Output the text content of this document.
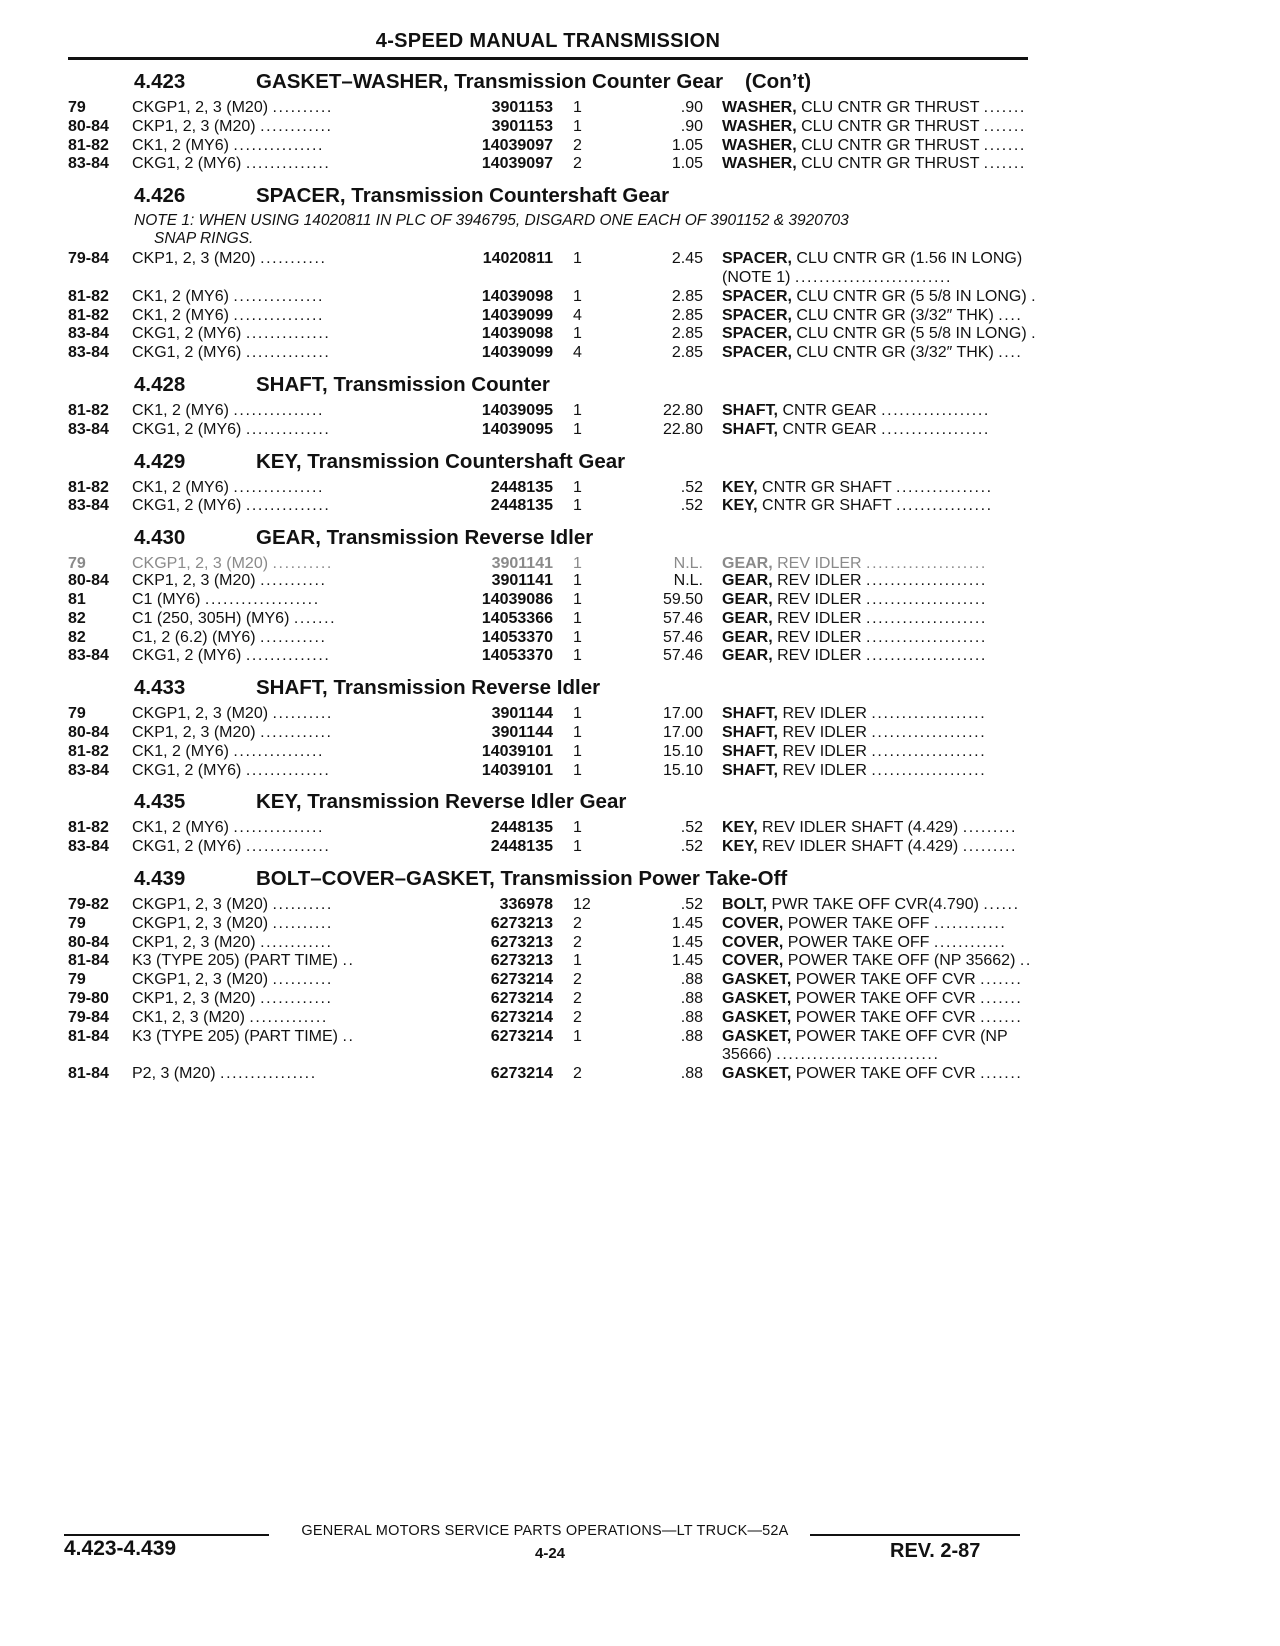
4-SPEED MANUAL TRANSMISSION
4.423	GASKET–WASHER, Transmission Counter Gear (Con’t)
79	CKGP1, 2, 3 (M20) ..........	3901153 1	.90 WASHER, CLU CNTR GR THRUST .......
80-84	CKP1, 2, 3 (M20) ............	3901153 1	.90 WASHER, CLU CNTR GR THRUST .......
81-82	CK1, 2 (MY6) ...............	14039097 2	1.05 WASHER, CLU CNTR GR THRUST .......
83-84	CKG1, 2 (MY6) ..............	14039097 2	1.05 WASHER, CLU CNTR GR THRUST .......
4.426	SPACER, Transmission Countershaft Gear
NOTE 1: WHEN USING 14020811 IN PLC OF 3946795, DISGARD ONE EACH OF 3901152 & 3920703
SNAP RINGS.
79-84	CKP1, 2, 3 (M20) ...........	14020811 1	2.45 SPACER, CLU CNTR GR (1.56 IN LONG) (NOTE 1) ..........................
81-82	CK1, 2 (MY6) ...............	14039098 1	2.85 SPACER, CLU CNTR GR (5 5/8 IN LONG) .
81-82	CK1, 2 (MY6) ...............	14039099 4	2.85 SPACER, CLU CNTR GR (3/32″ THK) ....
83-84	CKG1, 2 (MY6) ..............	14039098 1	2.85 SPACER, CLU CNTR GR (5 5/8 IN LONG) .
83-84	CKG1, 2 (MY6) ..............	14039099 4	2.85 SPACER, CLU CNTR GR (3/32″ THK) ....
4.428	SHAFT, Transmission Counter
81-82	CK1, 2 (MY6) ...............	14039095 1	22.80 SHAFT, CNTR GEAR ..................
83-84	CKG1, 2 (MY6) ..............	14039095 1	22.80 SHAFT, CNTR GEAR ..................
4.429	KEY, Transmission Countershaft Gear
81-82	CK1, 2 (MY6) ...............	2448135 1	.52 KEY, CNTR GR SHAFT ................
83-84	CKG1, 2 (MY6) ..............	2448135 1	.52 KEY, CNTR GR SHAFT ................
4.430	GEAR, Transmission Reverse Idler
79	CKGP1, 2, 3 (M20) ..........	3901141 1	N.L. GEAR, REV IDLER ....................
80-84	CKP1, 2, 3 (M20) ...........	3901141 1	N.L. GEAR, REV IDLER ....................
81	C1 (MY6) ...................	14039086 1	59.50 GEAR, REV IDLER ....................
82	C1 (250, 305H) (MY6) .......	14053366 1	57.46 GEAR, REV IDLER ....................
82	C1, 2 (6.2) (MY6) ...........	14053370 1	57.46 GEAR, REV IDLER ....................
83-84	CKG1, 2 (MY6) ..............	14053370 1	57.46 GEAR, REV IDLER ....................
4.433	SHAFT, Transmission Reverse Idler
79	CKGP1, 2, 3 (M20) ..........	3901144 1	17.00 SHAFT, REV IDLER ...................
80-84	CKP1, 2, 3 (M20) ............	3901144 1	17.00 SHAFT, REV IDLER ...................
81-82	CK1, 2 (MY6) ...............	14039101 1	15.10 SHAFT, REV IDLER ...................
83-84	CKG1, 2 (MY6) ..............	14039101 1	15.10 SHAFT, REV IDLER ...................
4.435	KEY, Transmission Reverse Idler Gear
81-82	CK1, 2 (MY6) ...............	2448135 1	.52 KEY, REV IDLER SHAFT (4.429) .........
83-84	CKG1, 2 (MY6) ..............	2448135 1	.52 KEY, REV IDLER SHAFT (4.429) .........
4.439	BOLT–COVER–GASKET, Transmission Power Take-Off
79-82	CKGP1, 2, 3 (M20) ..........	336978 12	.52 BOLT, PWR TAKE OFF CVR(4.790) ......
79	CKGP1, 2, 3 (M20) ..........	6273213 2	1.45 COVER, POWER TAKE OFF ............
80-84	CKP1, 2, 3 (M20) ............	6273213 2	1.45 COVER, POWER TAKE OFF ............
81-84	K3 (TYPE 205) (PART TIME) ..	6273213 1	1.45 COVER, POWER TAKE OFF (NP 35662) ..
79	CKGP1, 2, 3 (M20) ..........	6273214 2	.88 GASKET, POWER TAKE OFF CVR .......
79-80	CKP1, 2, 3 (M20) ............	6273214 2	.88 GASKET, POWER TAKE OFF CVR .......
79-84	CK1, 2, 3 (M20) .............	6273214 2	.88 GASKET, POWER TAKE OFF CVR .......
81-84	K3 (TYPE 205) (PART TIME) ..	6273214 1	.88 GASKET, POWER TAKE OFF CVR (NP 35666) ...........................
81-84	P2, 3 (M20) ................	6273214 2	.88 GASKET, POWER TAKE OFF CVR .......
GENERAL MOTORS SERVICE PARTS OPERATIONS—LT TRUCK—52A
4.423-4.439	4-24	REV. 2-87
